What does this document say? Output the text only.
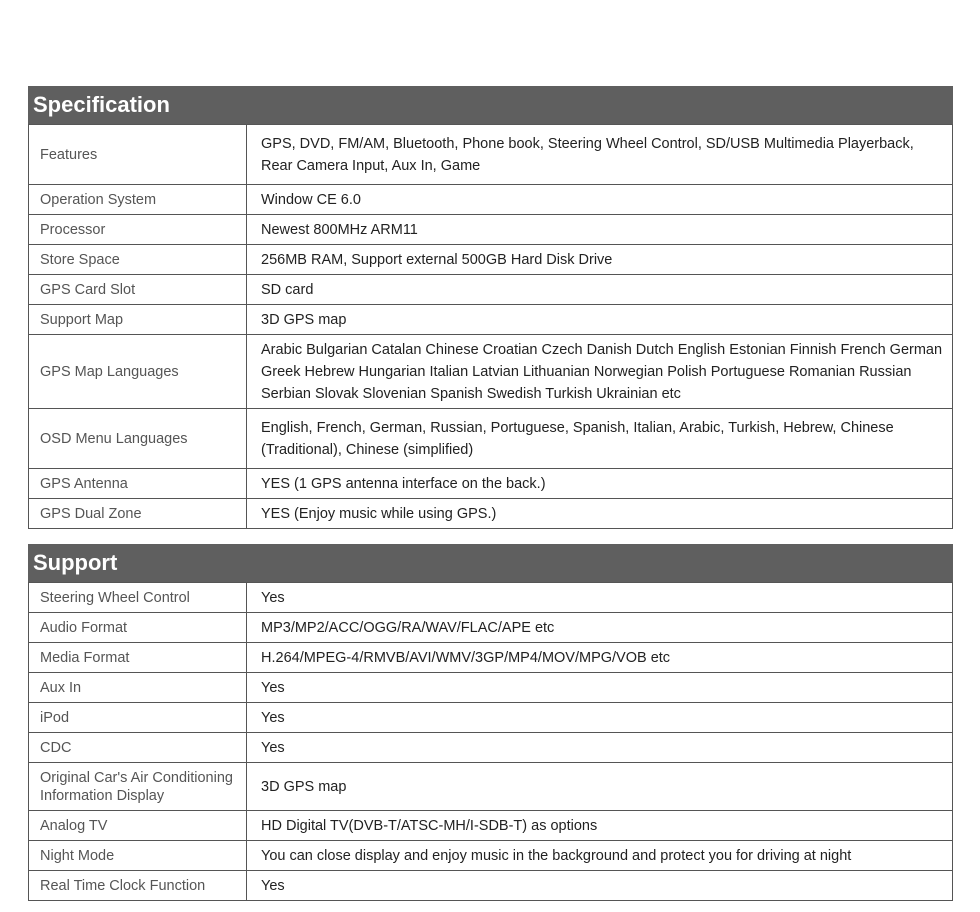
Specification
Features	GPS, DVD, FM/AM, Bluetooth, Phone book, Steering Wheel Control, SD/USB Multimedia Playerback, Rear Camera Input, Aux In, Game
Operation System	Window CE 6.0
Processor	Newest 800MHz ARM11
Store Space	256MB RAM, Support external 500GB Hard Disk Drive
GPS Card Slot	SD card
Support Map	3D GPS map
GPS Map Languages	Arabic Bulgarian Catalan Chinese Croatian Czech Danish Dutch English Estonian Finnish French German Greek Hebrew Hungarian Italian Latvian Lithuanian Norwegian Polish Portuguese Romanian Russian Serbian Slovak Slovenian Spanish Swedish Turkish Ukrainian etc
OSD Menu Languages	English, French, German, Russian, Portuguese, Spanish, Italian, Arabic, Turkish, Hebrew, Chinese (Traditional), Chinese (simplified)
GPS Antenna	YES (1 GPS antenna interface on the back.)
GPS Dual Zone	YES (Enjoy music while using GPS.)
Support
Steering Wheel Control	Yes
Audio Format	MP3/MP2/ACC/OGG/RA/WAV/FLAC/APE etc
Media Format	H.264/MPEG-4/RMVB/AVI/WMV/3GP/MP4/MOV/MPG/VOB etc
Aux In	Yes
iPod	Yes
CDC	Yes
Original Car's Air Conditioning Information Display	3D GPS map
Analog TV	HD Digital TV(DVB-T/ATSC-MH/I-SDB-T) as options
Night Mode	You can close display and enjoy music in the background and protect you for driving at night
Real Time Clock Function	Yes
